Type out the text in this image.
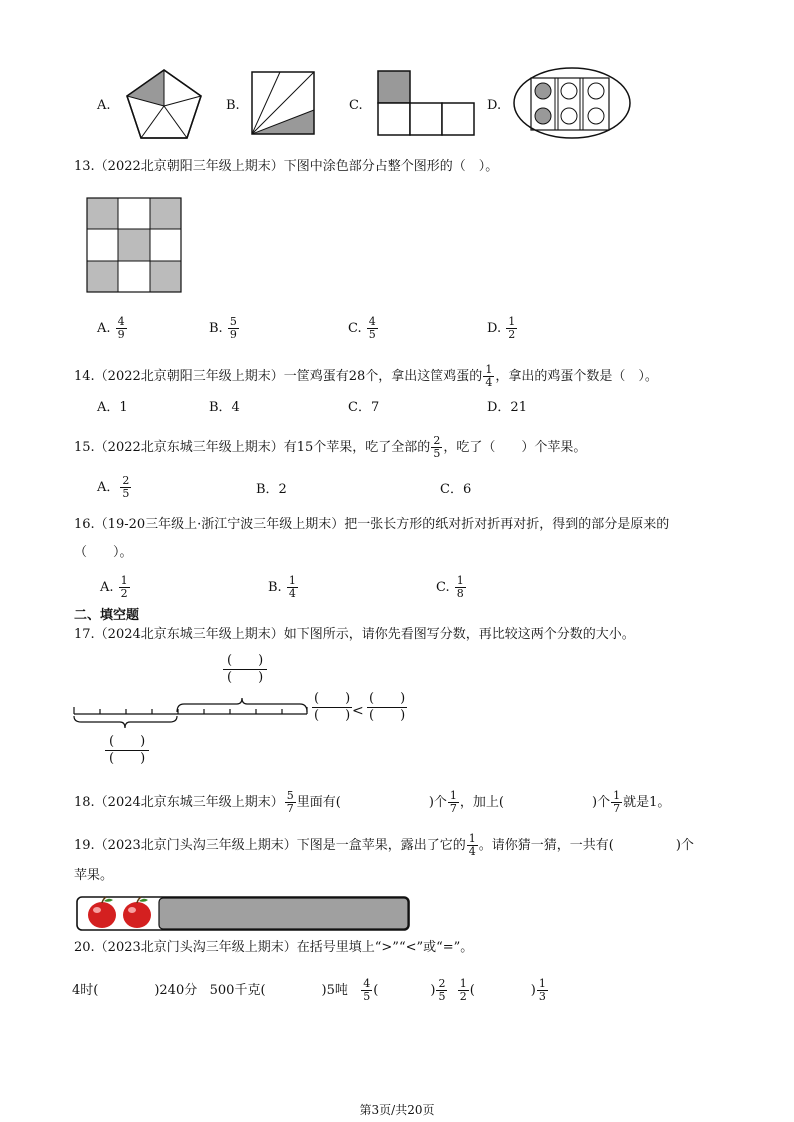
A.	B.	C.	D.
13.（2022北京朝阳三年级上期末）下图中涂色部分占整个图形的（　）。
A. $\frac{4}{9}$	B. $\frac{5}{9}$	C. $\frac{4}{5}$	D. $\frac{1}{2}$
14.（2022北京朝阳三年级上期末）一筐鸡蛋有28个，拿出这筐鸡蛋的 $\frac{1}{4}$ ，拿出的鸡蛋个数是（　）。
A．1	B．4	C．7	D．21
15.（2022北京东城三年级上期末）有15个苹果，吃了全部的 $\frac{2}{5}$ ，吃了（　　）个苹果。
A． $\frac{2}{5}$	B．2	C．6
16.（19-20三年级上·浙江宁波三年级上期末）把一张长方形的纸对折对折再对折，得到的部分是原来的
（　　）。
A. $\frac{1}{2}$	B. $\frac{1}{4}$	C. $\frac{1}{8}$
二、填空题
17.（2024北京东城三年级上期末）如下图所示，请你先看图写分数，再比较这两个分数的大小。
$\frac{( )}{( )}$
$\frac{( )}{( )}$
$\frac{( )}{( )} < \frac{( )}{( )}$
18.（2024北京东城三年级上期末） $\frac{5}{7}$ 里面有(	)个 $\frac{1}{7}$ ，加上(	)个 $\frac{1}{7}$ 就是1。
19.（2023北京门头沟三年级上期末）下图是一盒苹果，露出了它的 $\frac{1}{4}$ 。请你猜一猜，一共有(	)个
苹果。
20.（2023北京门头沟三年级上期末）在括号里填上“>”“<”或“=”。
4时(	)240分 500千克(	)5吨 $\frac{4}{5}$ (	) $\frac{2}{5}$
$\frac{1}{2}$ (	) $\frac{1}{3}$
第3页/共20页
